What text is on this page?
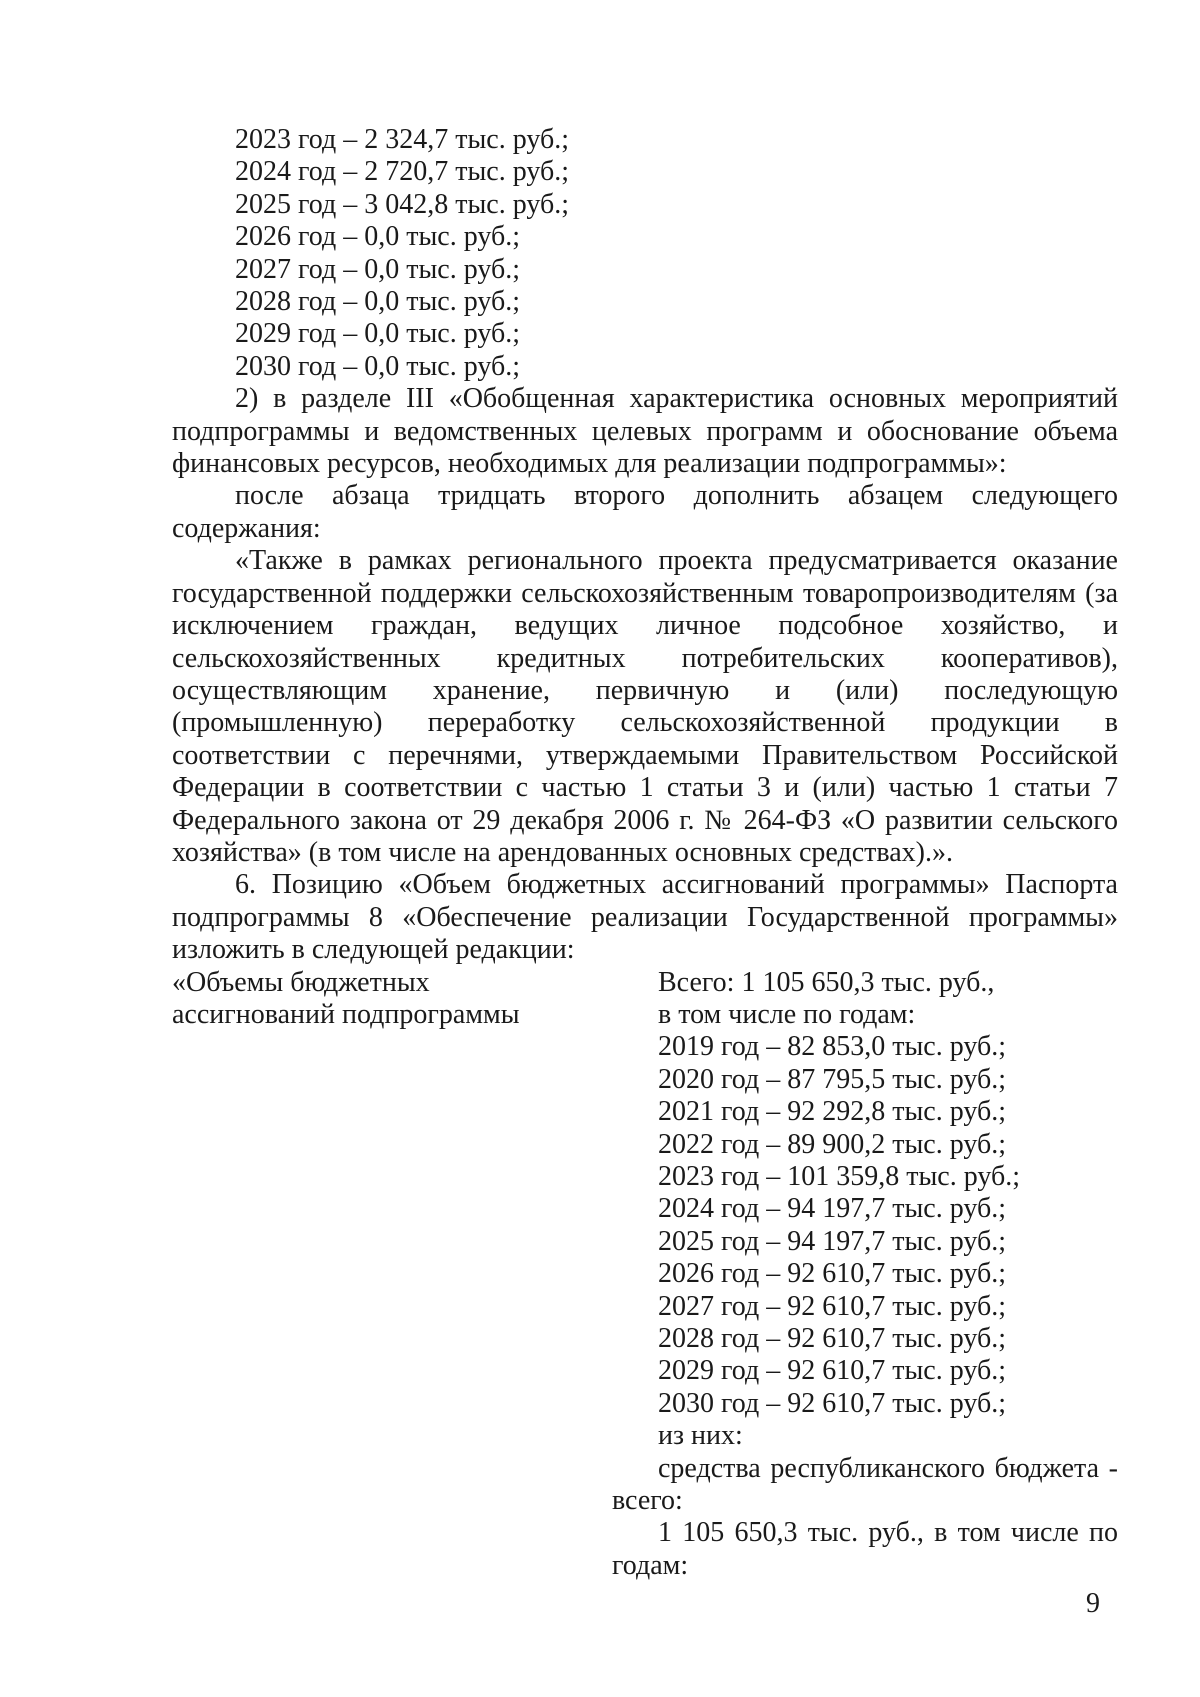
2023 год – 2 324,7 тыс. руб.;
2024 год – 2 720,7 тыс. руб.;
2025 год – 3 042,8 тыс. руб.;
2026 год – 0,0 тыс. руб.;
2027 год – 0,0 тыс. руб.;
2028 год – 0,0 тыс. руб.;
2029 год – 0,0 тыс. руб.;
2030 год – 0,0 тыс. руб.;

2) в разделе III «Обобщенная характеристика основных мероприятий подпрограммы и ведомственных целевых программ и обоснование объема финансовых ресурсов, необходимых для реализации подпрограммы»:

после абзаца тридцать второго дополнить абзацем следующего содержания:

«Также в рамках регионального проекта предусматривается оказание государственной поддержки сельскохозяйственным товаропроизводителям (за исключением граждан, ведущих личное подсобное хозяйство, и сельскохозяйственных кредитных потребительских кооперативов), осуществляющим хранение, первичную и (или) последующую (промышленную) переработку сельскохозяйственной продукции в соответствии с перечнями, утверждаемыми Правительством Российской Федерации в соответствии с частью 1 статьи 3 и (или) частью 1 статьи 7 Федерального закона от 29 декабря 2006 г. № 264-ФЗ «О развитии сельского хозяйства» (в том числе на арендованных основных средствах).».

6. Позицию «Объем бюджетных ассигнований программы» Паспорта подпрограммы 8 «Обеспечение реализации Государственной программы» изложить в следующей редакции:

«Объемы бюджетных
ассигнований подпрограммы
Всего: 1 105 650,3 тыс. руб.,
в том числе по годам:
2019 год – 82 853,0 тыс. руб.;
2020 год – 87 795,5 тыс. руб.;
2021 год – 92 292,8 тыс. руб.;
2022 год – 89 900,2 тыс. руб.;
2023 год – 101 359,8 тыс. руб.;
2024 год – 94 197,7 тыс. руб.;
2025 год – 94 197,7 тыс. руб.;
2026 год – 92 610,7 тыс. руб.;
2027 год – 92 610,7 тыс. руб.;
2028 год – 92 610,7 тыс. руб.;
2029 год – 92 610,7 тыс. руб.;
2030 год – 92 610,7 тыс. руб.;
из них:

средства республиканского бюджета - всего:

1 105 650,3 тыс. руб., в том числе по годам:

9
